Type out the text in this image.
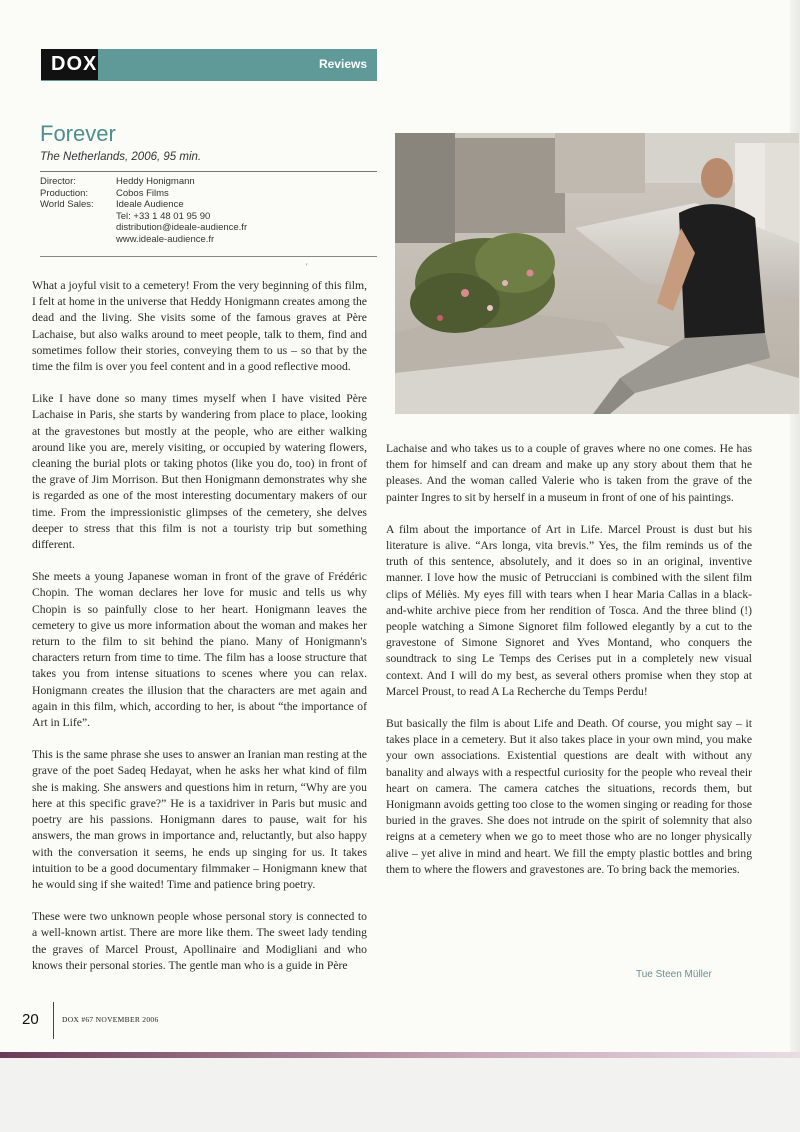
DOX	Reviews
Forever
The Netherlands, 2006, 95 min.
Director:	Heddy Honigmann
Production:	Cobos Films
World Sales:	Ideale Audience
Tel: +33 1 48 01 95 90
distribution@ideale-audience.fr
www.ideale-audience.fr
′

What a joyful visit to a cemetery! From the very beginning of this film, I felt at home in the universe that Heddy Honigmann creates among the dead and the living. She visits some of the famous graves at Père Lachaise, but also walks around to meet people, talk to them, find and sometimes follow their stories, conveying them to us – so that by the time the film is over you feel content and in a good reflective mood.

Like I have done so many times myself when I have visited Père Lachaise in Paris, she starts by wandering from place to place, looking at the gravestones but mostly at the people, who are either walking around like you are, merely visiting, or occupied by watering flowers, cleaning the burial plots or taking photos (like you do, too) in front of the grave of Jim Morrison. But then Honigmann demonstrates why she is regarded as one of the most interesting documentary makers of our time. From the impressionistic glimpses of the cemetery, she delves deeper to stress that this film is not a touristy trip but something different.

She meets a young Japanese woman in front of the grave of Frédéric Chopin. The woman declares her love for music and tells us why Chopin is so painfully close to her heart. Honigmann leaves the cemetery to give us more information about the woman and makes her return to the film to sit behind the piano. Many of Honigmann's characters return from time to time. The film has a loose structure that takes you from intense situations to scenes where you can relax. Honigmann creates the illusion that the characters are met again and again in this film, which, according to her, is about “the importance of Art in Life”.

This is the same phrase she uses to answer an Iranian man resting at the grave of the poet Sadeq Hedayat, when he asks her what kind of film she is making. She answers and questions him in return, “Why are you here at this specific grave?” He is a taxidriver in Paris but music and poetry are his passions. Honigmann dares to pause, wait for his answers, the man grows in importance and, reluctantly, but also happy with the conversation it seems, he ends up singing for us. It takes intuition to be a good documentary filmmaker – Honigmann knew that he would sing if she waited! Time and patience bring poetry.

These were two unknown people whose personal story is connected to a well-known artist. There are more like them. The sweet lady tending the graves of Marcel Proust, Apollinaire and Modigliani and who knows their personal stories. The gentle man who is a guide in Père

Lachaise and who takes us to a couple of graves where no one comes. He has them for himself and can dream and make up any story about them that he pleases. And the woman called Valerie who is taken from the grave of the painter Ingres to sit by herself in a museum in front of one of his paintings.

A film about the importance of Art in Life. Marcel Proust is dust but his literature is alive. “Ars longa, vita brevis.” Yes, the film reminds us of the truth of this sentence, absolutely, and it does so in an original, inventive manner. I love how the music of Petrucciani is combined with the silent film clips of Méliès. My eyes fill with tears when I hear Maria Callas in a black-and-white archive piece from her rendition of Tosca. And the three blind (!) people watching a Simone Signoret film followed elegantly by a cut to the gravestone of Simone Signoret and Yves Montand, who conquers the soundtrack to sing Le Temps des Cerises put in a completely new visual context. And I will do my best, as several others promise when they stop at Marcel Proust, to read A La Recherche du Temps Perdu!

But basically the film is about Life and Death. Of course, you might say – it takes place in a cemetery. But it also takes place in your own mind, you make your own associations. Existential questions are dealt with without any banality and always with a respectful curiosity for the people who reveal their heart on camera. The camera catches the situations, records them, but Honigmann avoids getting too close to the women singing or reading for those buried in the graves. She does not intrude on the spirit of solemnity that also reigns at a cemetery when we go to meet those who are no longer physically alive – yet alive in mind and heart. We fill the empty plastic bottles and bring them to where the flowers and gravestones are. To bring back the memories.

Tue Steen Müller
20	DOX #67 NOVEMBER 2006
